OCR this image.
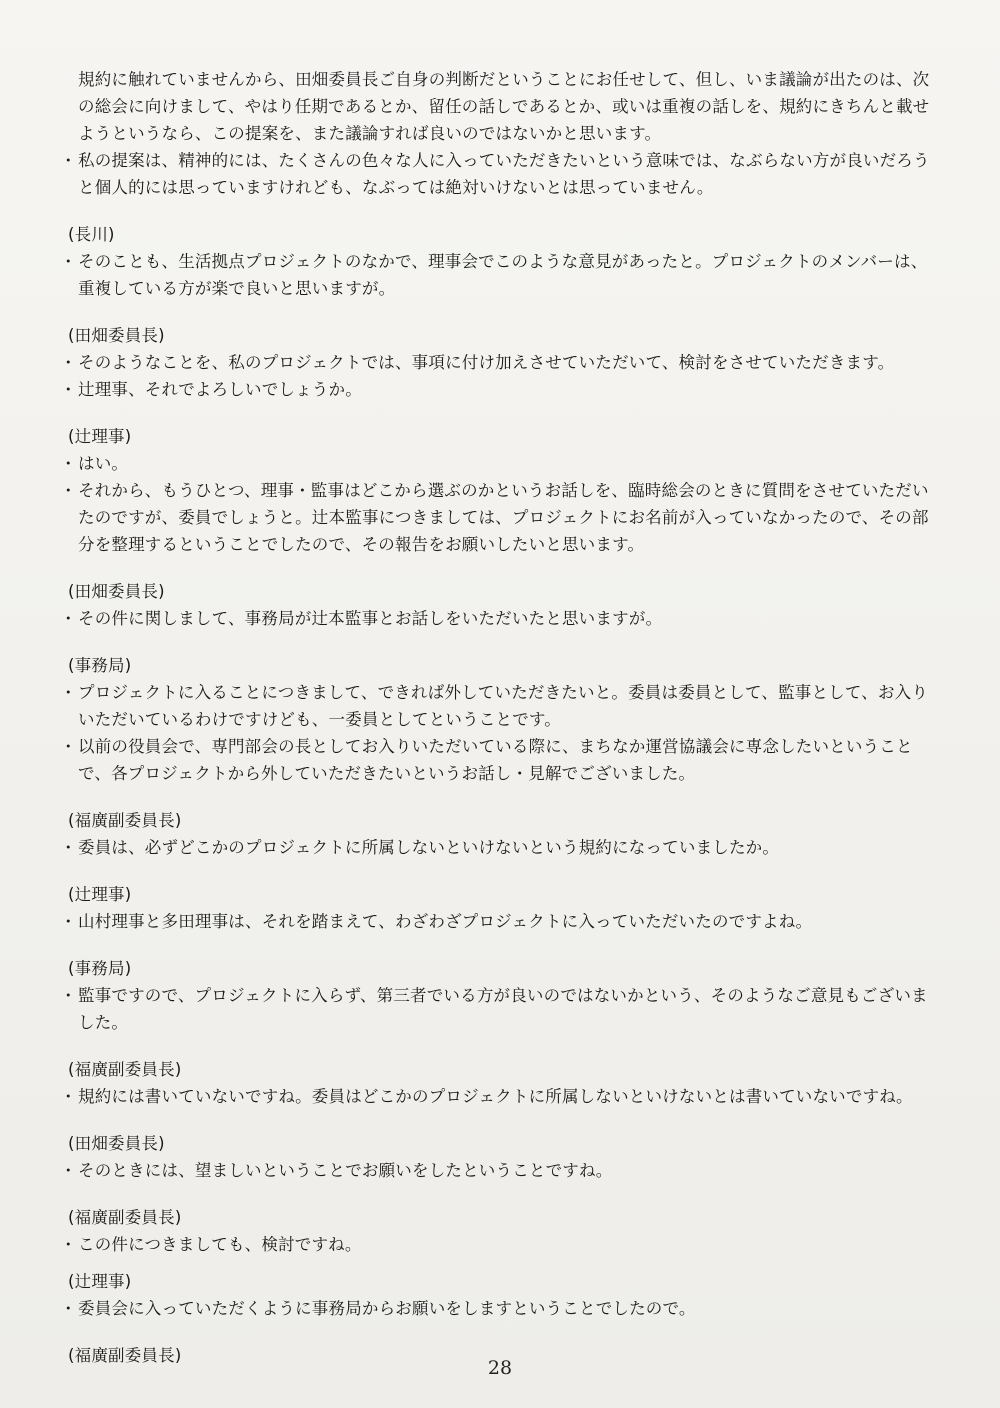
規約に触れていませんから、田畑委員長ご自身の判断だということにお任せして、但し、いま議論が出たのは、次の総会に向けまして、やはり任期であるとか、留任の話しであるとか、或いは重複の話しを、規約にきちんと載せようというなら、この提案を、また議論すれば良いのではないかと思います。

・ 私の提案は、精神的には、たくさんの色々な人に入っていただきたいという意味では、なぶらない方が良いだろうと個人的には思っていますけれども、なぶっては絶対いけないとは思っていません。

(長川)

・ そのことも、生活拠点プロジェクトのなかで、理事会でこのような意見があったと。プロジェクトのメンバーは、重複している方が楽で良いと思いますが。

(田畑委員長)

・ そのようなことを、私のプロジェクトでは、事項に付け加えさせていただいて、検討をさせていただきます。

・ 辻理事、それでよろしいでしょうか。

(辻理事)

・ はい。

・ それから、もうひとつ、理事・監事はどこから選ぶのかというお話しを、臨時総会のときに質問をさせていただいたのですが、委員でしょうと。辻本監事につきましては、プロジェクトにお名前が入っていなかったので、その部分を整理するということでしたので、その報告をお願いしたいと思います。

(田畑委員長)

・ その件に関しまして、事務局が辻本監事とお話しをいただいたと思いますが。

(事務局)

・ プロジェクトに入ることにつきまして、できれば外していただきたいと。委員は委員として、監事として、お入りいただいているわけですけども、一委員としてということです。

・ 以前の役員会で、専門部会の長としてお入りいただいている際に、まちなか運営協議会に専念したいということで、各プロジェクトから外していただきたいというお話し・見解でございました。

(福廣副委員長)

・ 委員は、必ずどこかのプロジェクトに所属しないといけないという規約になっていましたか。

(辻理事)

・ 山村理事と多田理事は、それを踏まえて、わざわざプロジェクトに入っていただいたのですよね。

(事務局)

・ 監事ですので、プロジェクトに入らず、第三者でいる方が良いのではないかという、そのようなご意見もございました。

(福廣副委員長)

・ 規約には書いていないですね。委員はどこかのプロジェクトに所属しないといけないとは書いていないですね。

(田畑委員長)

・ そのときには、望ましいということでお願いをしたということですね。

(福廣副委員長)

・ この件につきましても、検討ですね。

(辻理事)

・ 委員会に入っていただくように事務局からお願いをしますということでしたので。

(福廣副委員長)

28
